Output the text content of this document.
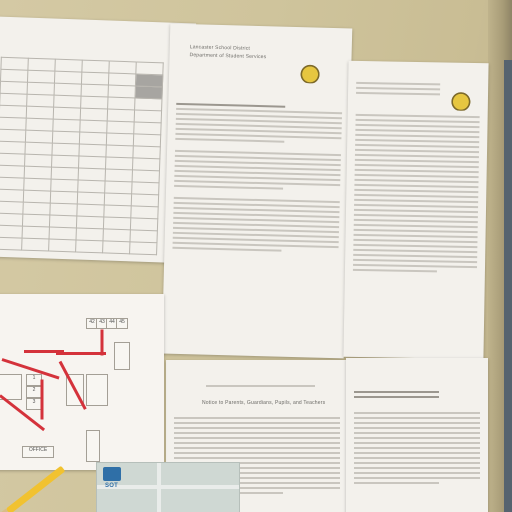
Lancaster School District
Department of Student Services
Notice to Parents, Guardians, Pupils, and Teachers
42 43 44 45
1
2
3
OFFICE
SOT
